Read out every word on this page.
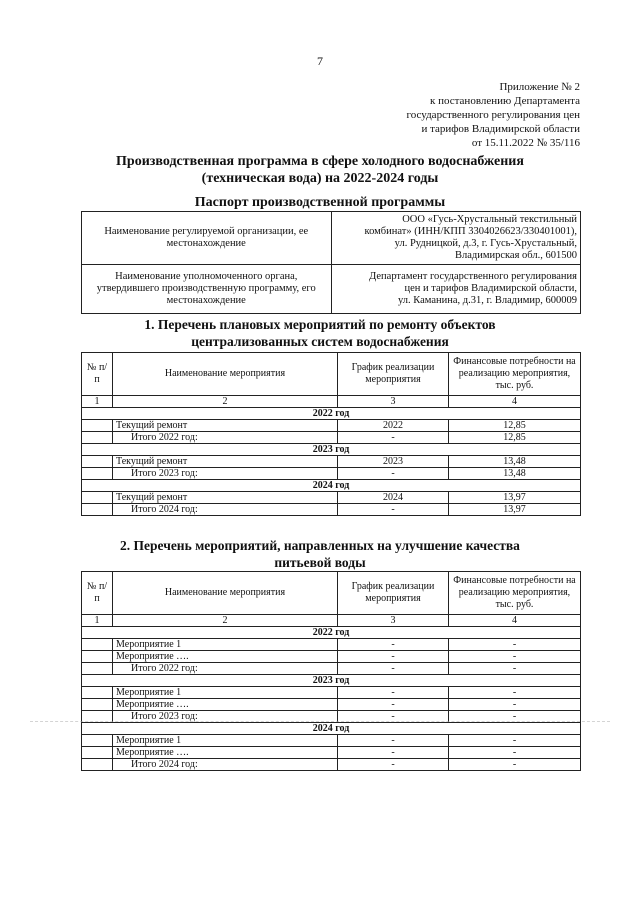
7
Приложение № 2
к постановлению Департамента
государственного регулирования цен
и тарифов Владимирской области
от 15.11.2022 № 35/116
Производственная программа в сфере холодного водоснабжения
(техническая вода) на 2022-2024 годы
Паспорт производственной программы
Наименование регулируемой организации, ее местонахождение	ООО «Гусь-Хрустальный текстильный
комбинат» (ИНН/КПП 3304026623/330401001),
ул. Рудницкой, д.3, г. Гусь-Хрустальный,
Владимирская обл., 601500

Наименование уполномоченного органа, утвердившего производственную программу, его местонахождение	Департамент государственного регулирования
цен и тарифов Владимирской области,
ул. Каманина, д.31, г. Владимир, 600009
1. Перечень плановых мероприятий по ремонту объектов
централизованных систем водоснабжения
№ п/п	Наименование мероприятия	График реализации мероприятия	Финансовые потребности на реализацию мероприятия, тыс. руб.
1	2	3	4
2022 год			
	Текущий ремонт	2022	12,85
	Итого 2022 год:	-	12,85
2023 год			
	Текущий ремонт	2023	13,48
	Итого 2023 год:	-	13,48
2024 год			
	Текущий ремонт	2024	13,97
	Итого 2024 год:	-	13,97
2. Перечень мероприятий, направленных на улучшение качества
питьевой воды
№ п/п	Наименование мероприятия	График реализации мероприятия	Финансовые потребности на реализацию мероприятия, тыс. руб.
1	2	3	4
2022 год			
	Мероприятие 1	-	-
	Мероприятие ….	-	-
	Итого 2022 год:	-	-
2023 год			
	Мероприятие 1	-	-
	Мероприятие ….	-	-
	Итого 2023 год:	-	-
2024 год			
	Мероприятие 1	-	-
	Мероприятие ….	-	-
	Итого 2024 год:	-	-
